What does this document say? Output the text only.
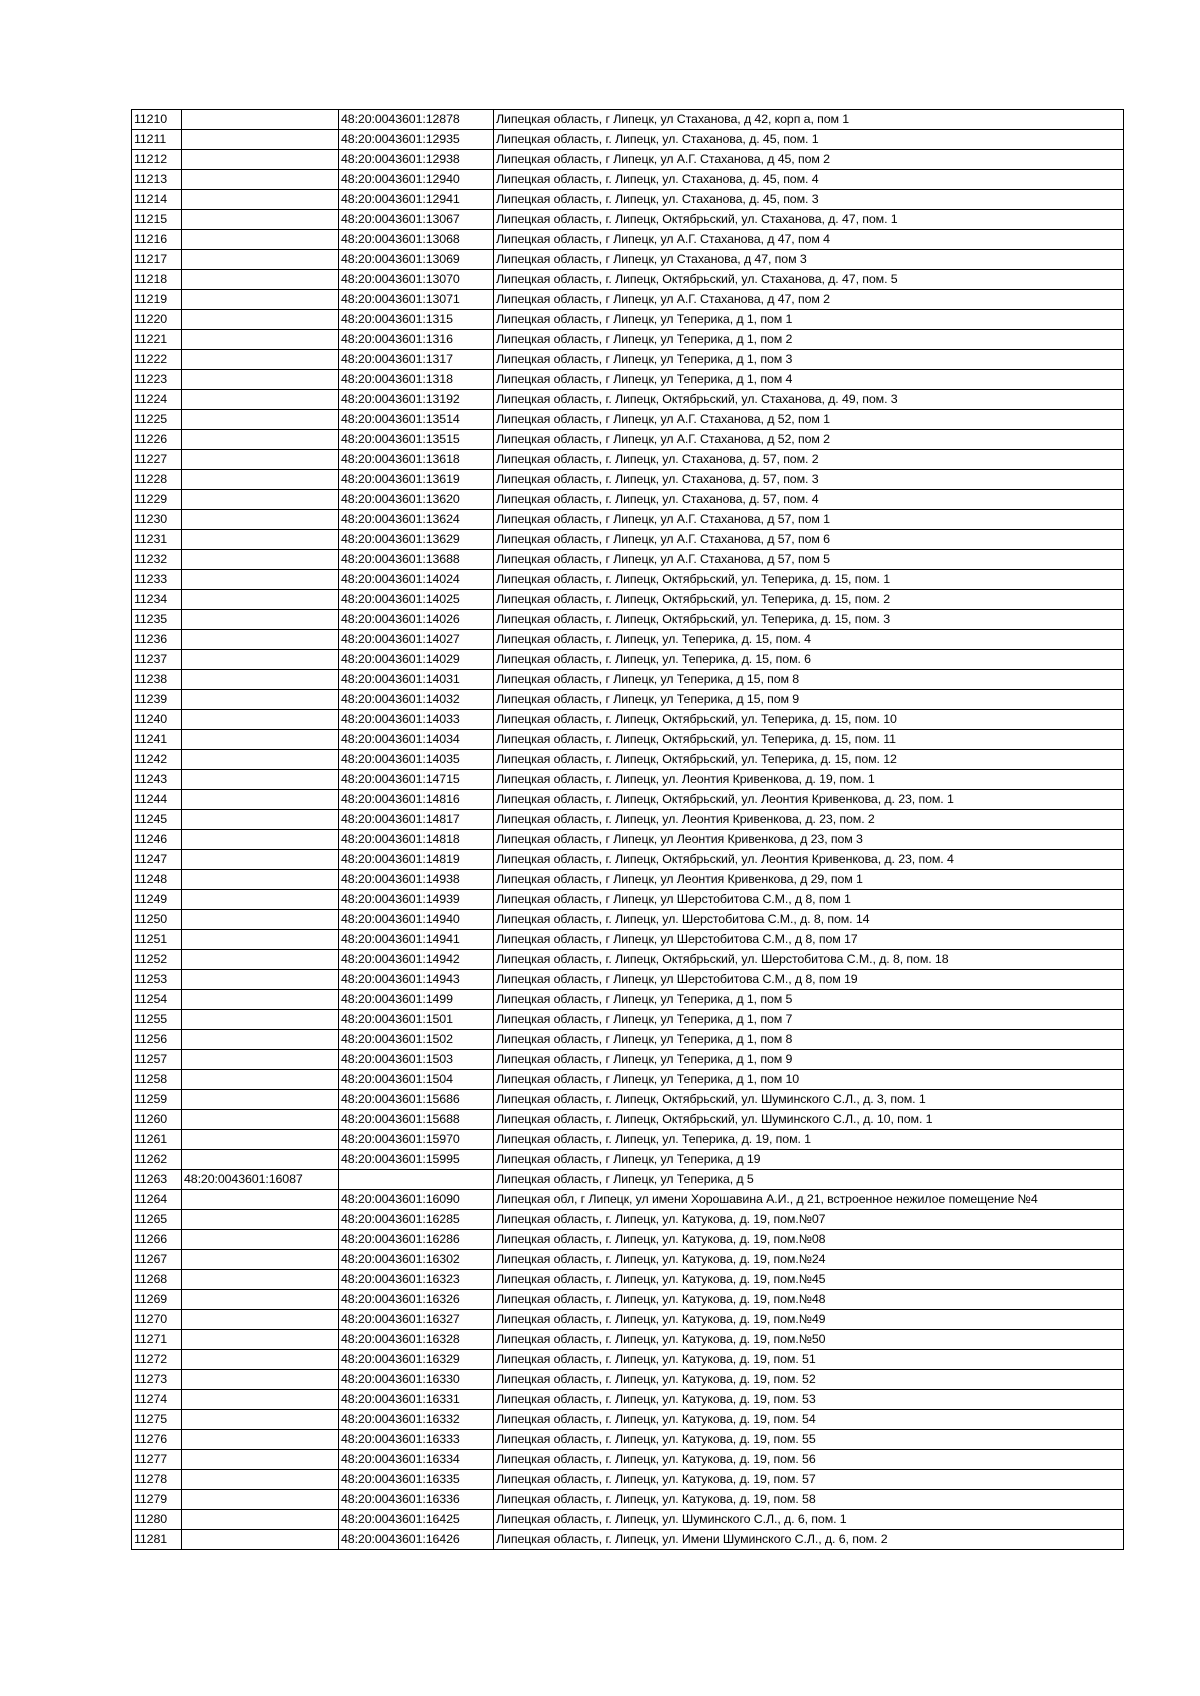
11210		48:20:0043601:12878	Липецкая область, г Липецк, ул Стаханова, д 42, корп а, пом 1
11211		48:20:0043601:12935	Липецкая область, г. Липецк, ул. Стаханова, д. 45, пом. 1
11212		48:20:0043601:12938	Липецкая область, г Липецк, ул А.Г. Стаханова, д 45, пом 2
11213		48:20:0043601:12940	Липецкая область, г. Липецк, ул. Стаханова, д. 45, пом. 4
11214		48:20:0043601:12941	Липецкая область, г. Липецк, ул. Стаханова, д. 45, пом. 3
11215		48:20:0043601:13067	Липецкая область, г. Липецк, Октябрьский, ул. Стаханова, д. 47, пом. 1
11216		48:20:0043601:13068	Липецкая область, г Липецк, ул А.Г. Стаханова, д 47, пом 4
11217		48:20:0043601:13069	Липецкая область, г Липецк, ул Стаханова, д 47, пом 3
11218		48:20:0043601:13070	Липецкая область, г. Липецк, Октябрьский, ул. Стаханова, д. 47, пом. 5
11219		48:20:0043601:13071	Липецкая область, г Липецк, ул А.Г. Стаханова, д 47, пом 2
11220		48:20:0043601:1315	Липецкая область, г Липецк, ул Теперика, д 1, пом 1
11221		48:20:0043601:1316	Липецкая область, г Липецк, ул Теперика, д 1, пом 2
11222		48:20:0043601:1317	Липецкая область, г Липецк, ул Теперика, д 1, пом 3
11223		48:20:0043601:1318	Липецкая область, г Липецк, ул Теперика, д 1, пом 4
11224		48:20:0043601:13192	Липецкая область, г. Липецк, Октябрьский, ул. Стаханова, д. 49, пом. 3
11225		48:20:0043601:13514	Липецкая область, г Липецк, ул А.Г. Стаханова, д 52, пом 1
11226		48:20:0043601:13515	Липецкая область, г Липецк, ул А.Г. Стаханова, д 52, пом 2
11227		48:20:0043601:13618	Липецкая область, г. Липецк, ул. Стаханова, д. 57, пом. 2
11228		48:20:0043601:13619	Липецкая область, г. Липецк, ул. Стаханова, д. 57, пом. 3
11229		48:20:0043601:13620	Липецкая область, г. Липецк, ул. Стаханова, д. 57, пом. 4
11230		48:20:0043601:13624	Липецкая область, г Липецк, ул А.Г. Стаханова, д 57, пом 1
11231		48:20:0043601:13629	Липецкая область, г Липецк, ул А.Г. Стаханова, д 57, пом 6
11232		48:20:0043601:13688	Липецкая область, г Липецк, ул А.Г. Стаханова, д 57, пом 5
11233		48:20:0043601:14024	Липецкая область, г. Липецк, Октябрьский, ул. Теперика, д. 15, пом. 1
11234		48:20:0043601:14025	Липецкая область, г. Липецк, Октябрьский, ул. Теперика, д. 15, пом. 2
11235		48:20:0043601:14026	Липецкая область, г. Липецк, Октябрьский, ул. Теперика, д. 15, пом. 3
11236		48:20:0043601:14027	Липецкая область, г. Липецк, ул. Теперика, д. 15, пом. 4
11237		48:20:0043601:14029	Липецкая область, г. Липецк, ул. Теперика, д. 15, пом. 6
11238		48:20:0043601:14031	Липецкая область, г Липецк, ул Теперика, д 15, пом 8
11239		48:20:0043601:14032	Липецкая область, г Липецк, ул Теперика, д 15, пом 9
11240		48:20:0043601:14033	Липецкая область, г. Липецк, Октябрьский, ул. Теперика, д. 15, пом. 10
11241		48:20:0043601:14034	Липецкая область, г. Липецк, Октябрьский, ул. Теперика, д. 15, пом. 11
11242		48:20:0043601:14035	Липецкая область, г. Липецк, Октябрьский, ул. Теперика, д. 15, пом. 12
11243		48:20:0043601:14715	Липецкая область, г. Липецк, ул. Леонтия Кривенкова, д. 19, пом. 1
11244		48:20:0043601:14816	Липецкая область, г. Липецк, Октябрьский, ул. Леонтия Кривенкова, д. 23, пом. 1
11245		48:20:0043601:14817	Липецкая область, г. Липецк, ул. Леонтия Кривенкова, д. 23, пом. 2
11246		48:20:0043601:14818	Липецкая область, г Липецк, ул Леонтия Кривенкова, д 23, пом 3
11247		48:20:0043601:14819	Липецкая область, г. Липецк, Октябрьский, ул. Леонтия Кривенкова, д. 23, пом. 4
11248		48:20:0043601:14938	Липецкая область, г Липецк, ул Леонтия Кривенкова, д 29, пом 1
11249		48:20:0043601:14939	Липецкая область, г Липецк, ул Шерстобитова С.М., д 8, пом 1
11250		48:20:0043601:14940	Липецкая область, г. Липецк, ул. Шерстобитова С.М., д. 8, пом. 14
11251		48:20:0043601:14941	Липецкая область, г Липецк, ул Шерстобитова С.М., д 8, пом 17
11252		48:20:0043601:14942	Липецкая область, г. Липецк, Октябрьский, ул. Шерстобитова С.М., д. 8, пом. 18
11253		48:20:0043601:14943	Липецкая область, г Липецк, ул Шерстобитова С.М., д 8, пом 19
11254		48:20:0043601:1499	Липецкая область, г Липецк, ул Теперика, д 1, пом 5
11255		48:20:0043601:1501	Липецкая область, г Липецк, ул Теперика, д 1, пом 7
11256		48:20:0043601:1502	Липецкая область, г Липецк, ул Теперика, д 1, пом 8
11257		48:20:0043601:1503	Липецкая область, г Липецк, ул Теперика, д 1, пом 9
11258		48:20:0043601:1504	Липецкая область, г Липецк, ул Теперика, д 1, пом 10
11259		48:20:0043601:15686	Липецкая область, г. Липецк, Октябрьский, ул. Шуминского С.Л., д. 3, пом. 1
11260		48:20:0043601:15688	Липецкая область, г. Липецк, Октябрьский, ул. Шуминского С.Л., д. 10, пом. 1
11261		48:20:0043601:15970	Липецкая область, г. Липецк, ул. Теперика, д. 19, пом. 1
11262		48:20:0043601:15995	Липецкая область, г Липецк, ул Теперика, д 19
11263	48:20:0043601:16087		Липецкая область, г Липецк, ул Теперика, д 5
11264		48:20:0043601:16090	Липецкая обл, г Липецк, ул имени Хорошавина А.И., д 21, встроенное нежилое помещение №4
11265		48:20:0043601:16285	Липецкая область, г. Липецк, ул. Катукова, д. 19, пом.№07
11266		48:20:0043601:16286	Липецкая область, г. Липецк, ул. Катукова, д. 19, пом.№08
11267		48:20:0043601:16302	Липецкая область, г. Липецк, ул. Катукова, д. 19, пом.№24
11268		48:20:0043601:16323	Липецкая область, г. Липецк, ул. Катукова, д. 19, пом.№45
11269		48:20:0043601:16326	Липецкая область, г. Липецк, ул. Катукова, д. 19, пом.№48
11270		48:20:0043601:16327	Липецкая область, г. Липецк, ул. Катукова, д. 19, пом.№49
11271		48:20:0043601:16328	Липецкая область, г. Липецк, ул. Катукова, д. 19, пом.№50
11272		48:20:0043601:16329	Липецкая область, г. Липецк, ул. Катукова, д. 19, пом. 51
11273		48:20:0043601:16330	Липецкая область, г. Липецк, ул. Катукова, д. 19, пом. 52
11274		48:20:0043601:16331	Липецкая область, г. Липецк, ул. Катукова, д. 19, пом. 53
11275		48:20:0043601:16332	Липецкая область, г. Липецк, ул. Катукова, д. 19, пом. 54
11276		48:20:0043601:16333	Липецкая область, г. Липецк, ул. Катукова, д. 19, пом. 55
11277		48:20:0043601:16334	Липецкая область, г. Липецк, ул. Катукова, д. 19, пом. 56
11278		48:20:0043601:16335	Липецкая область, г. Липецк, ул. Катукова, д. 19, пом. 57
11279		48:20:0043601:16336	Липецкая область, г. Липецк, ул. Катукова, д. 19, пом. 58
11280		48:20:0043601:16425	Липецкая область, г. Липецк, ул. Шуминского С.Л., д. 6, пом. 1
11281		48:20:0043601:16426	Липецкая область, г. Липецк, ул. Имени Шуминского С.Л., д. 6, пом. 2
